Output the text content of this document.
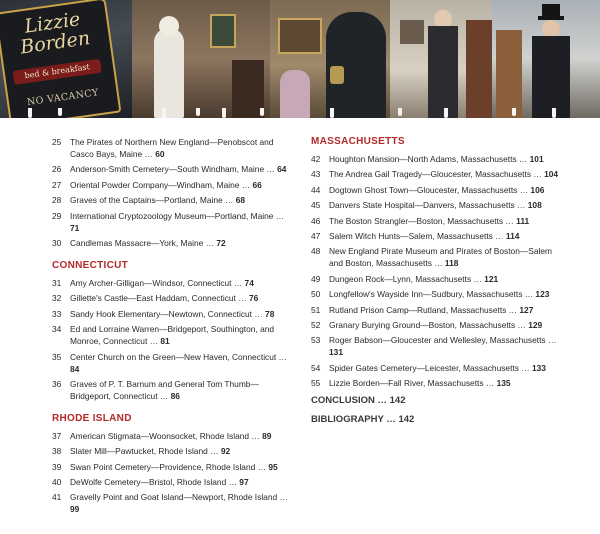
Lizzie Borden
bed & breakfast
NO VACANCY
25 The Pirates of Northern New England—Penobscot and Casco Bays, Maine … 60
26 Anderson-Smith Cemetery—South Windham, Maine … 64
27 Oriental Powder Company—Windham, Maine … 66
28 Graves of the Captains—Portland, Maine … 68
29 International Cryptozoology Museum—Portland, Maine … 71
30 Candlemas Massacre—York, Maine … 72
CONNECTICUT
31 Amy Archer-Gilligan—Windsor, Connecticut … 74
32 Gillette's Castle—East Haddam, Connecticut … 76
33 Sandy Hook Elementary—Newtown, Connecticut … 78
34 Ed and Lorraine Warren—Bridgeport, Southington, and Monroe, Connecticut … 81
35 Center Church on the Green—New Haven, Connecticut … 84
36 Graves of P. T. Barnum and General Tom Thumb—Bridgeport, Connecticut … 86
RHODE ISLAND
37 American Stigmata—Woonsocket, Rhode Island … 89
38 Slater Mill—Pawtucket, Rhode Island … 92
39 Swan Point Cemetery—Providence, Rhode Island … 95
40 DeWolfe Cemetery—Bristol, Rhode Island … 97
41 Gravelly Point and Goat Island—Newport, Rhode Island … 99
MASSACHUSETTS
42 Houghton Mansion—North Adams, Massachusetts … 101
43 The Andrea Gail Tragedy—Gloucester, Massachusetts … 104
44 Dogtown Ghost Town—Gloucester, Massachusetts … 106
45 Danvers State Hospital—Danvers, Massachusetts … 108
46 The Boston Strangler—Boston, Massachusetts … 111
47 Salem Witch Hunts—Salem, Massachusetts … 114
48 New England Pirate Museum and Pirates of Boston—Salem and Boston, Massachusetts … 118
49 Dungeon Rock—Lynn, Massachusetts … 121
50 Longfellow's Wayside Inn—Sudbury, Massachusetts … 123
51 Rutland Prison Camp—Rutland, Massachusetts … 127
52 Granary Burying Ground—Boston, Massachusetts … 129
53 Roger Babson—Gloucester and Wellesley, Massachusetts … 131
54 Spider Gates Cemetery—Leicester, Massachusetts … 133
55 Lizzie Borden—Fall River, Massachusetts … 135
CONCLUSION … 142
BIBLIOGRAPHY … 142
